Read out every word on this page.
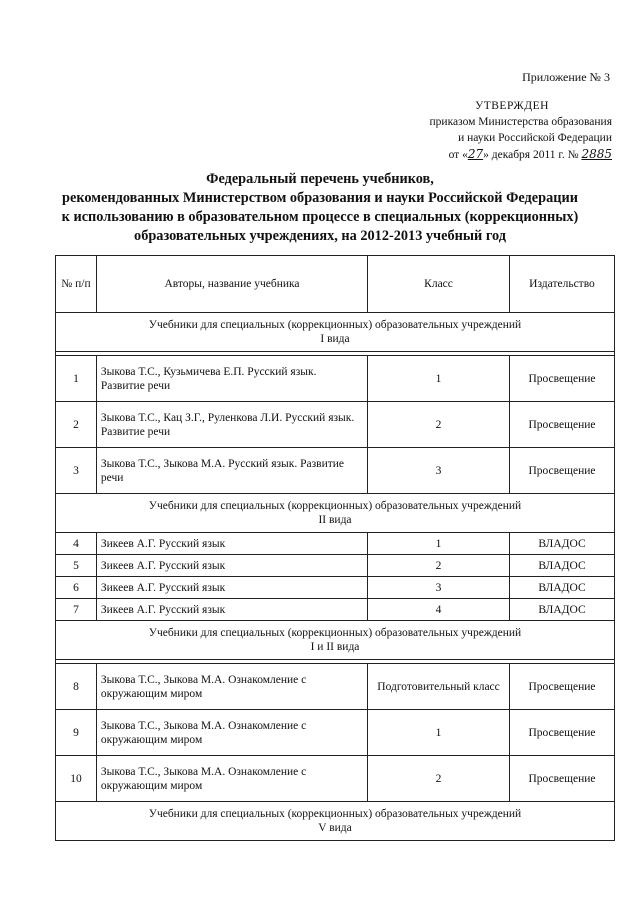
Приложение № 3
УТВЕРЖДЕН
приказом Министерства образования
и науки Российской Федерации
от «27» декабря 2011 г. № 2885
Федеральный перечень учебников,
рекомендованных Министерством образования и науки Российской Федерации
к использованию в образовательном процессе в специальных (коррекционных)
образовательных учреждениях, на 2012-2013 учебный год
№ п/п	Авторы, название учебника	Класс	Издательство
Учебники для специальных (коррекционных) образовательных учреждений I вида			

1	Зыкова Т.С., Кузьмичева Е.П. Русский язык. Развитие речи	1	Просвещение
2	Зыкова Т.С., Кац З.Г., Руленкова Л.И. Русский язык. Развитие речи	2	Просвещение
3	Зыкова Т.С., Зыкова М.А. Русский язык. Развитие речи	3	Просвещение
Учебники для специальных (коррекционных) образовательных учреждений II вида			
4	Зикеев А.Г. Русский язык	1	ВЛАДОС
5	Зикеев А.Г. Русский язык	2	ВЛАДОС
6	Зикеев А.Г. Русский язык	3	ВЛАДОС
7	Зикеев А.Г. Русский язык	4	ВЛАДОС
Учебники для специальных (коррекционных) образовательных учреждений I и II вида			

8	Зыкова Т.С., Зыкова М.А. Ознакомление с окружающим миром	Подготовительный класс	Просвещение
9	Зыкова Т.С., Зыкова М.А. Ознакомление с окружающим миром	1	Просвещение
10	Зыкова Т.С., Зыкова М.А. Ознакомление с окружающим миром	2	Просвещение
Учебники для специальных (коррекционных) образовательных учреждений V вида			
